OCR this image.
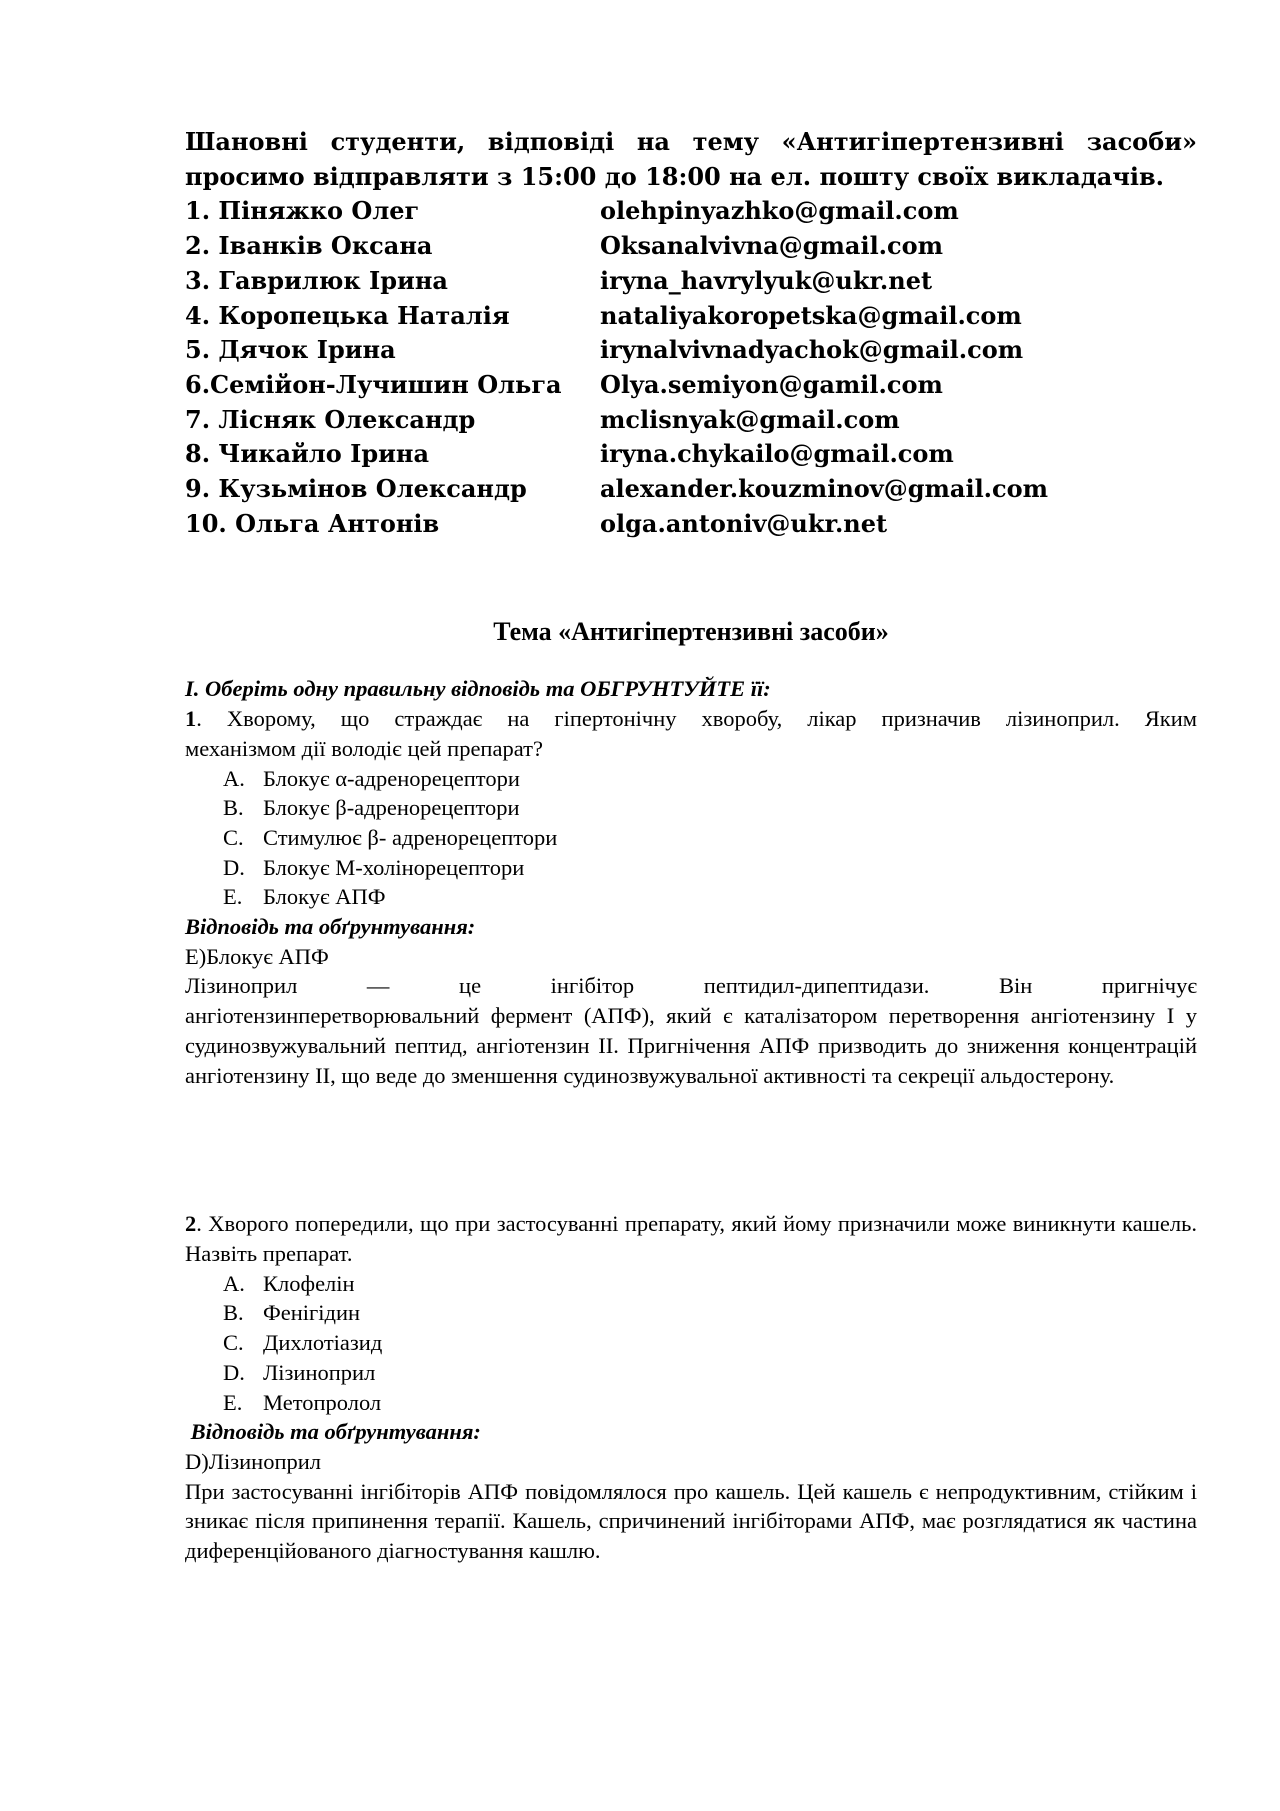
Шановні студенти, відповіді на тему «Антигіпертензивні засоби»

просимо відправляти з 15:00 до 18:00 на ел. пошту своїх викладачів.

1. Піняжко Олег	olehpinyazhko@gmail.com
2. Іванків Оксана	Oksanalvivna@gmail.com
3. Гаврилюк Ірина	iryna_havrylyuk@ukr.net
4. Коропецька Наталія	nataliyakoropetska@gmail.com
5. Дячок Ірина	irynalvivnadyachok@gmail.com
6.Семійон-Лучишин Ольга	Olya.semiyon@gamil.com
7. Лісняк Олександр	mclisnyak@gmail.com
8. Чикайло Ірина	iryna.chykailo@gmail.com
9. Кузьмінов Олександр	alexander.kouzminov@gmail.com
10. Ольга Антонів	olga.antoniv@ukr.net
Тема «Антигіпертензивні засоби»
І. Оберіть одну правильну відповідь та ОБГРУНТУЙТЕ її:

1. Хворому, що страждає на гіпертонічну хворобу, лікар призначив лізиноприл. Яким

механізмом дії володіє цей препарат?

A. Блокує α-адренорецептори
B. Блокує β-адренорецептори
C. Стимулює β- адренорецептори
D. Блокує М-холінорецептори
E. Блокує АПФ
Відповідь та обґрунтування:
Е)Блокує АПФ

Лізиноприл — це інгібітор пептидил-дипептидази. Він пригнічує

ангіотензинперетворювальний фермент (АПФ), який є каталізатором перетворення ангіотензину I у судинозвужувальний пептид, ангіотензин II. Пригнічення АПФ призводить до зниження концентрацій ангіотензину II, що веде до зменшення судинозвужувальної активності та секреції альдостерону.

2. Хворого попередили, що при застосуванні препарату, який йому призначили може виникнути кашель. Назвіть препарат.

A. Клофелін
B. Фенігідин
C. Дихлотіазид
D. Лізиноприл
E. Метопролол
Відповідь та обґрунтування:
D)Лізиноприл

При застосуванні інгібіторів АПФ повідомлялося про кашель. Цей кашель є непродуктивним, стійким і зникає після припинення терапії. Кашель, спричинений інгібіторами АПФ, має розглядатися як частина диференційованого діагностування кашлю.
